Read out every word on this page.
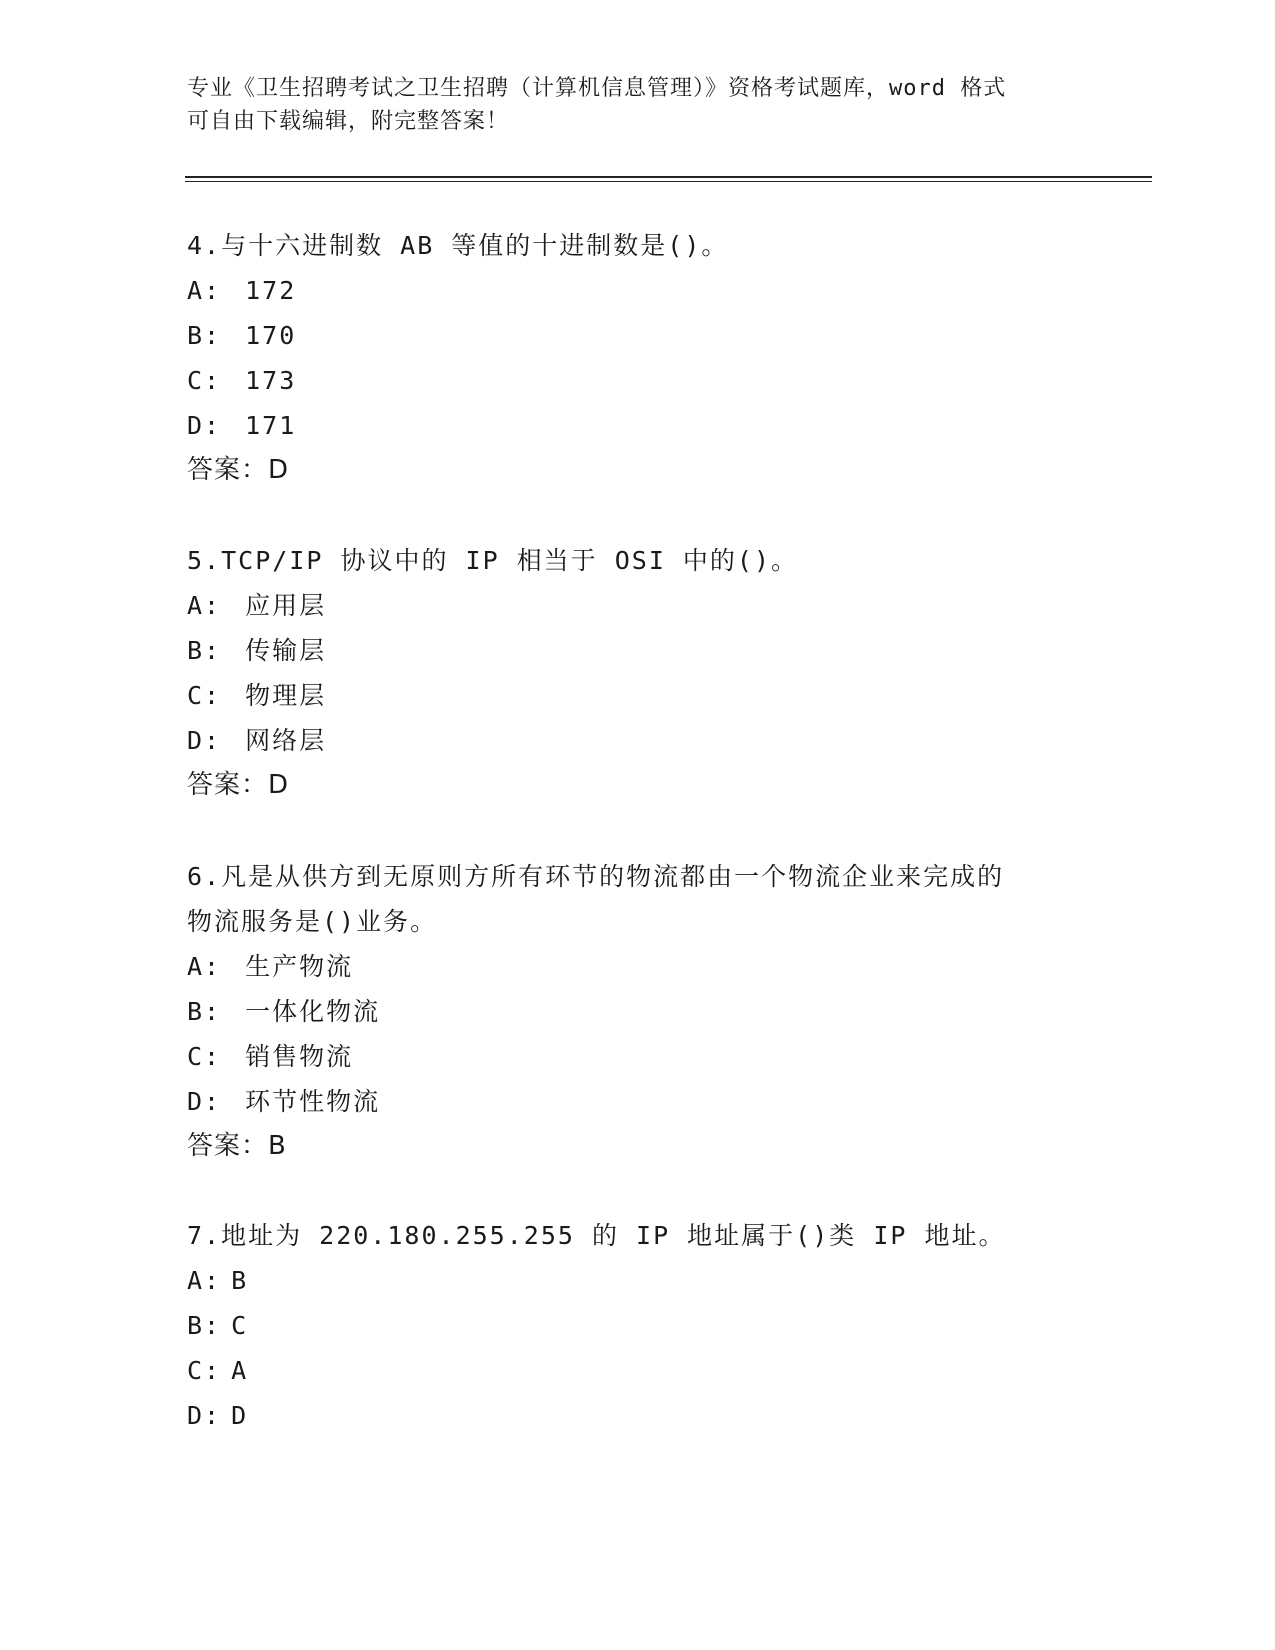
专业《卫生招聘考试之卫生招聘（计算机信息管理）》资格考试题库，word 格式
可自由下载编辑，附完整答案！
4.与十六进制数 AB 等值的十进制数是()。
A: 172
B: 170
C: 173
D: 171
答案：D
5.TCP/IP 协议中的 IP 相当于 OSI 中的()。
A: 应用层
B: 传输层
C: 物理层
D: 网络层
答案：D
6.凡是从供方到无原则方所有环节的物流都由一个物流企业来完成的
物流服务是()业务。
A: 生产物流
B: 一体化物流
C: 销售物流
D: 环节性物流
答案：B
7.地址为 220.180.255.255 的 IP 地址属于()类 IP 地址。
A: B
B: C
C: A
D: D
